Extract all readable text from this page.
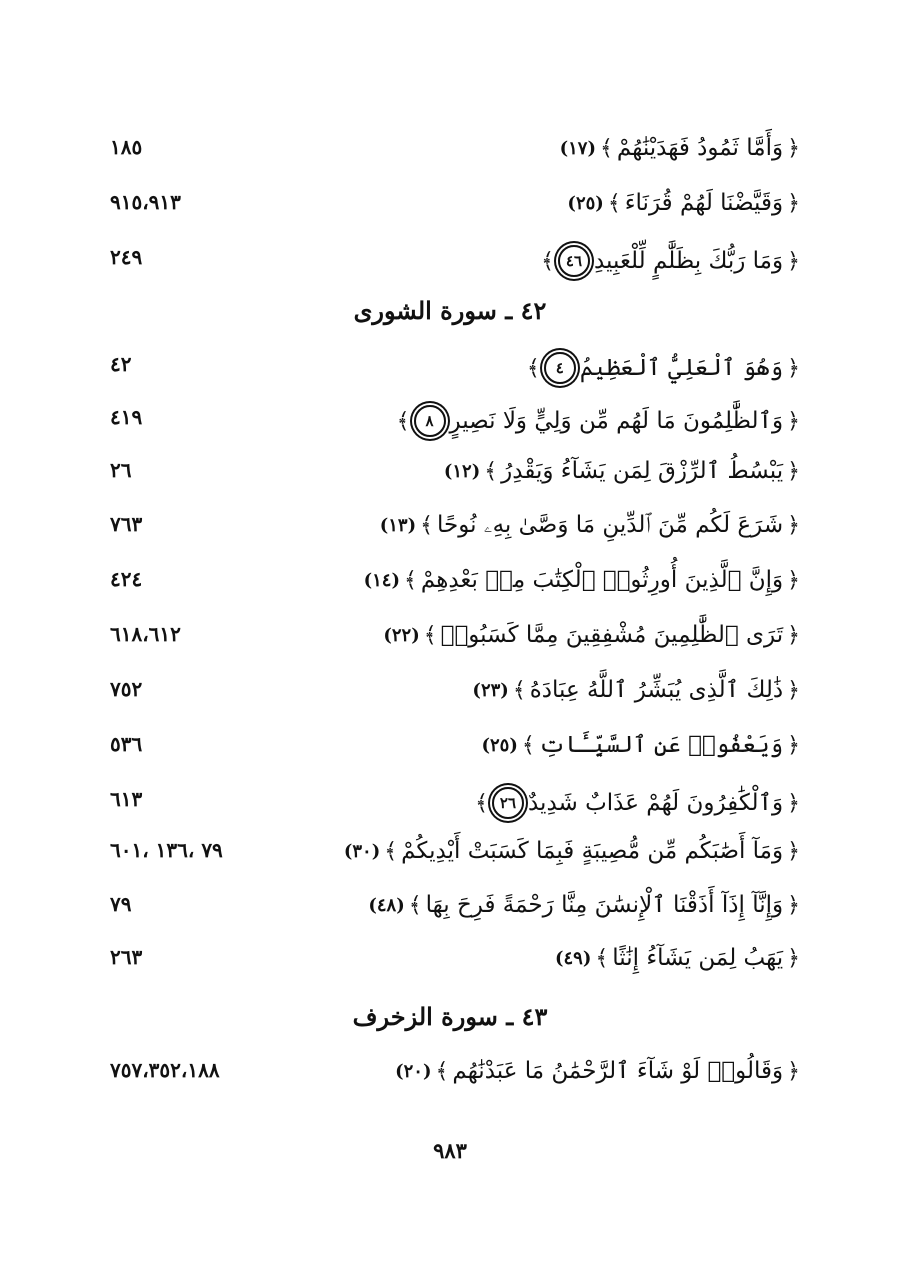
١٨٥	﴿
وَأَمَّا ثَمُودُ فَهَدَيْنَٰهُمْ
﴾
(١٧)
٩١٥،٩١٣	﴿
وَقَيَّضْنَا لَهُمْ قُرَنَاءَ
﴾
(٢٥)
٢٤٩	﴿
وَمَا رَبُّكَ بِظَلَّٰمٍ لِّلْعَبِيدِ
٤٦
﴾
٤٢ ـ سورة الشورى
٤٢	﴿
وَهُوَ ٱلْعَلِيُّ ٱلْعَظِيمُ
٤
﴾
٤١٩	﴿
وَٱلظَّٰلِمُونَ مَا لَهُم مِّن وَلِيٍّ وَلَا نَصِيرٍ
٨
﴾
٢٦	﴿
يَبْسُطُ ٱلرِّزْقَ لِمَن يَشَآءُ وَيَقْدِرُ
﴾
(١٢)
٧٦٣	﴿
شَرَعَ لَكُم مِّنَ ٱلدِّينِ مَا وَصَّىٰ بِهِۦ نُوحًا
﴾
(١٣)
٤٢٤	﴿
وَإِنَّ ٱلَّذِينَ أُورِثُوا۟ ٱلْكِتَٰبَ مِنۢ بَعْدِهِمْ
﴾
(١٤)
٦١٨،٦١٢	﴿
تَرَى ٱلظَّٰلِمِينَ مُشْفِقِينَ مِمَّا كَسَبُوا۟
﴾
(٢٢)
٧٥٢	﴿
ذَٰلِكَ ٱلَّذِى يُبَشِّرُ ٱللَّهُ عِبَادَهُ
﴾
(٢٣)
٥٣٦	﴿
وَيَعْفُوا۟ عَنِ ٱلسَّيِّـَٔاتِ
﴾
(٢٥)
٦١٣	﴿
وَٱلْكَٰفِرُونَ لَهُمْ عَذَابٌ شَدِيدٌ
٢٦
﴾
٧٩ ،١٣٦ ،٦٠١	﴿
وَمَآ أَصَٰبَكُم مِّن مُّصِيبَةٍ فَبِمَا كَسَبَتْ أَيْدِيكُمْ
﴾
(٣٠)
٧٩	﴿
وَإِنَّآ إِذَآ أَذَقْنَا ٱلْإِنسَٰنَ مِنَّا رَحْمَةً فَرِحَ بِهَا
﴾
(٤٨)
٢٦٣	﴿
يَهَبُ لِمَن يَشَآءُ إِنَٰثًا
﴾
(٤٩)
٤٣ ـ سورة الزخرف
٧٥٧،٣٥٢،١٨٨	﴿
وَقَالُوا۟ لَوْ شَآءَ ٱلرَّحْمَٰنُ مَا عَبَدْنَٰهُم
﴾
(٢٠)
٩٨٣
